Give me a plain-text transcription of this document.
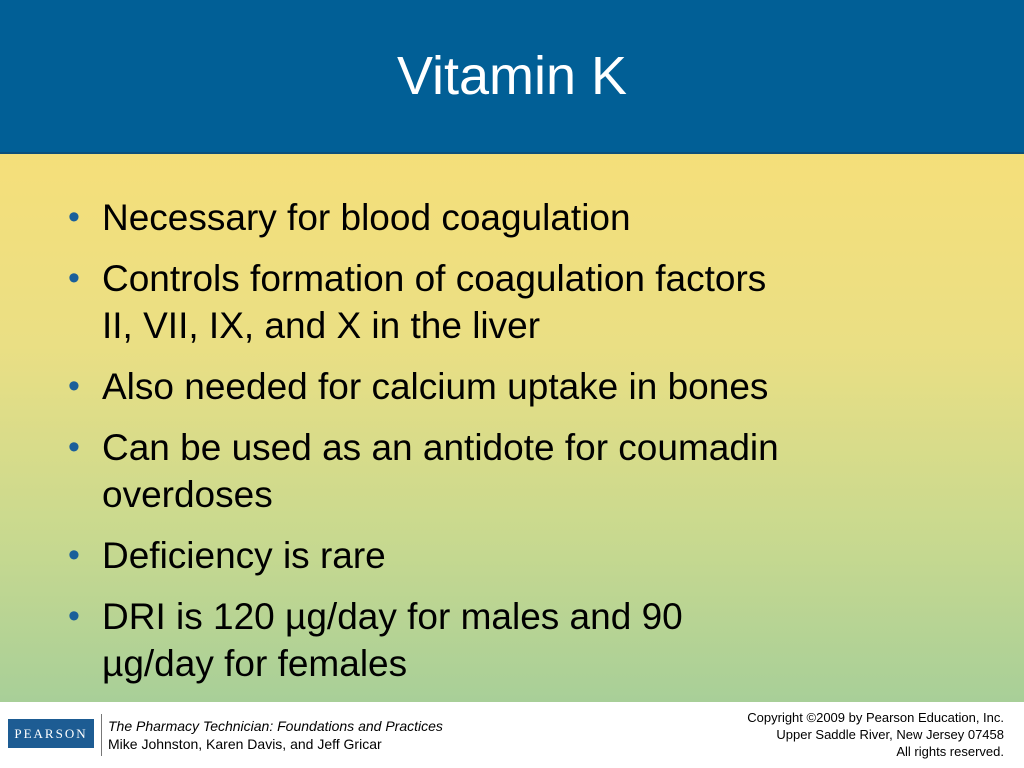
Vitamin K
• Necessary for blood coagulation
• Controls formation of coagulation factors
II, VII, IX, and X in the liver
• Also needed for calcium uptake in bones
• Can be used as an antidote for coumadin
overdoses
• Deficiency is rare
• DRI is 120 µg/day for males and 90
µg/day for females
PEARSON	The Pharmacy Technician: Foundations and Practices
Mike Johnston, Karen Davis, and Jeff Gricar
Copyright ©2009 by Pearson Education, Inc.
Upper Saddle River, New Jersey 07458
All rights reserved.
